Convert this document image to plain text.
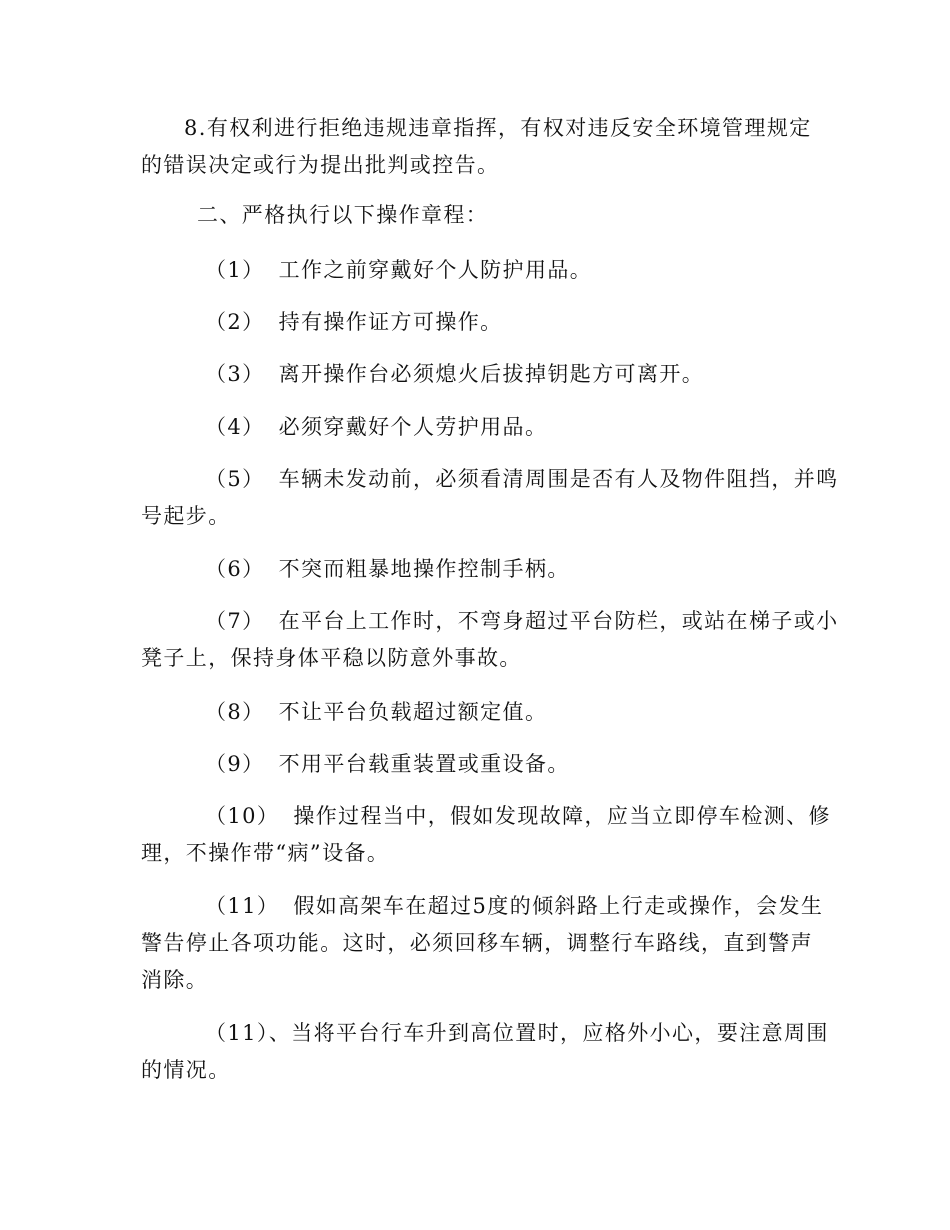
8.有权利进行拒绝违规违章指挥，有权对违反安全环境管理规定
的错误决定或行为提出批判或控告。

二、严格执行以下操作章程：

（1） 工作之前穿戴好个人防护用品。

（2） 持有操作证方可操作。

（3） 离开操作台必须熄火后拔掉钥匙方可离开。

（4） 必须穿戴好个人劳护用品。

（5） 车辆未发动前，必须看清周围是否有人及物件阻挡，并鸣
号起步。

（6） 不突而粗暴地操作控制手柄。

（7） 在平台上工作时，不弯身超过平台防栏，或站在梯子或小
凳子上，保持身体平稳以防意外事故。

（8） 不让平台负载超过额定值。

（9） 不用平台载重装置或重设备。

（10） 操作过程当中，假如发现故障，应当立即停车检测、修
理，不操作带“病”设备。

（11） 假如高架车在超过5度的倾斜路上行走或操作，会发生
警告停止各项功能。这时，必须回移车辆，调整行车路线，直到警声
消除。

（11）、当将平台行车升到高位置时，应格外小心，要注意周围
的情况。
